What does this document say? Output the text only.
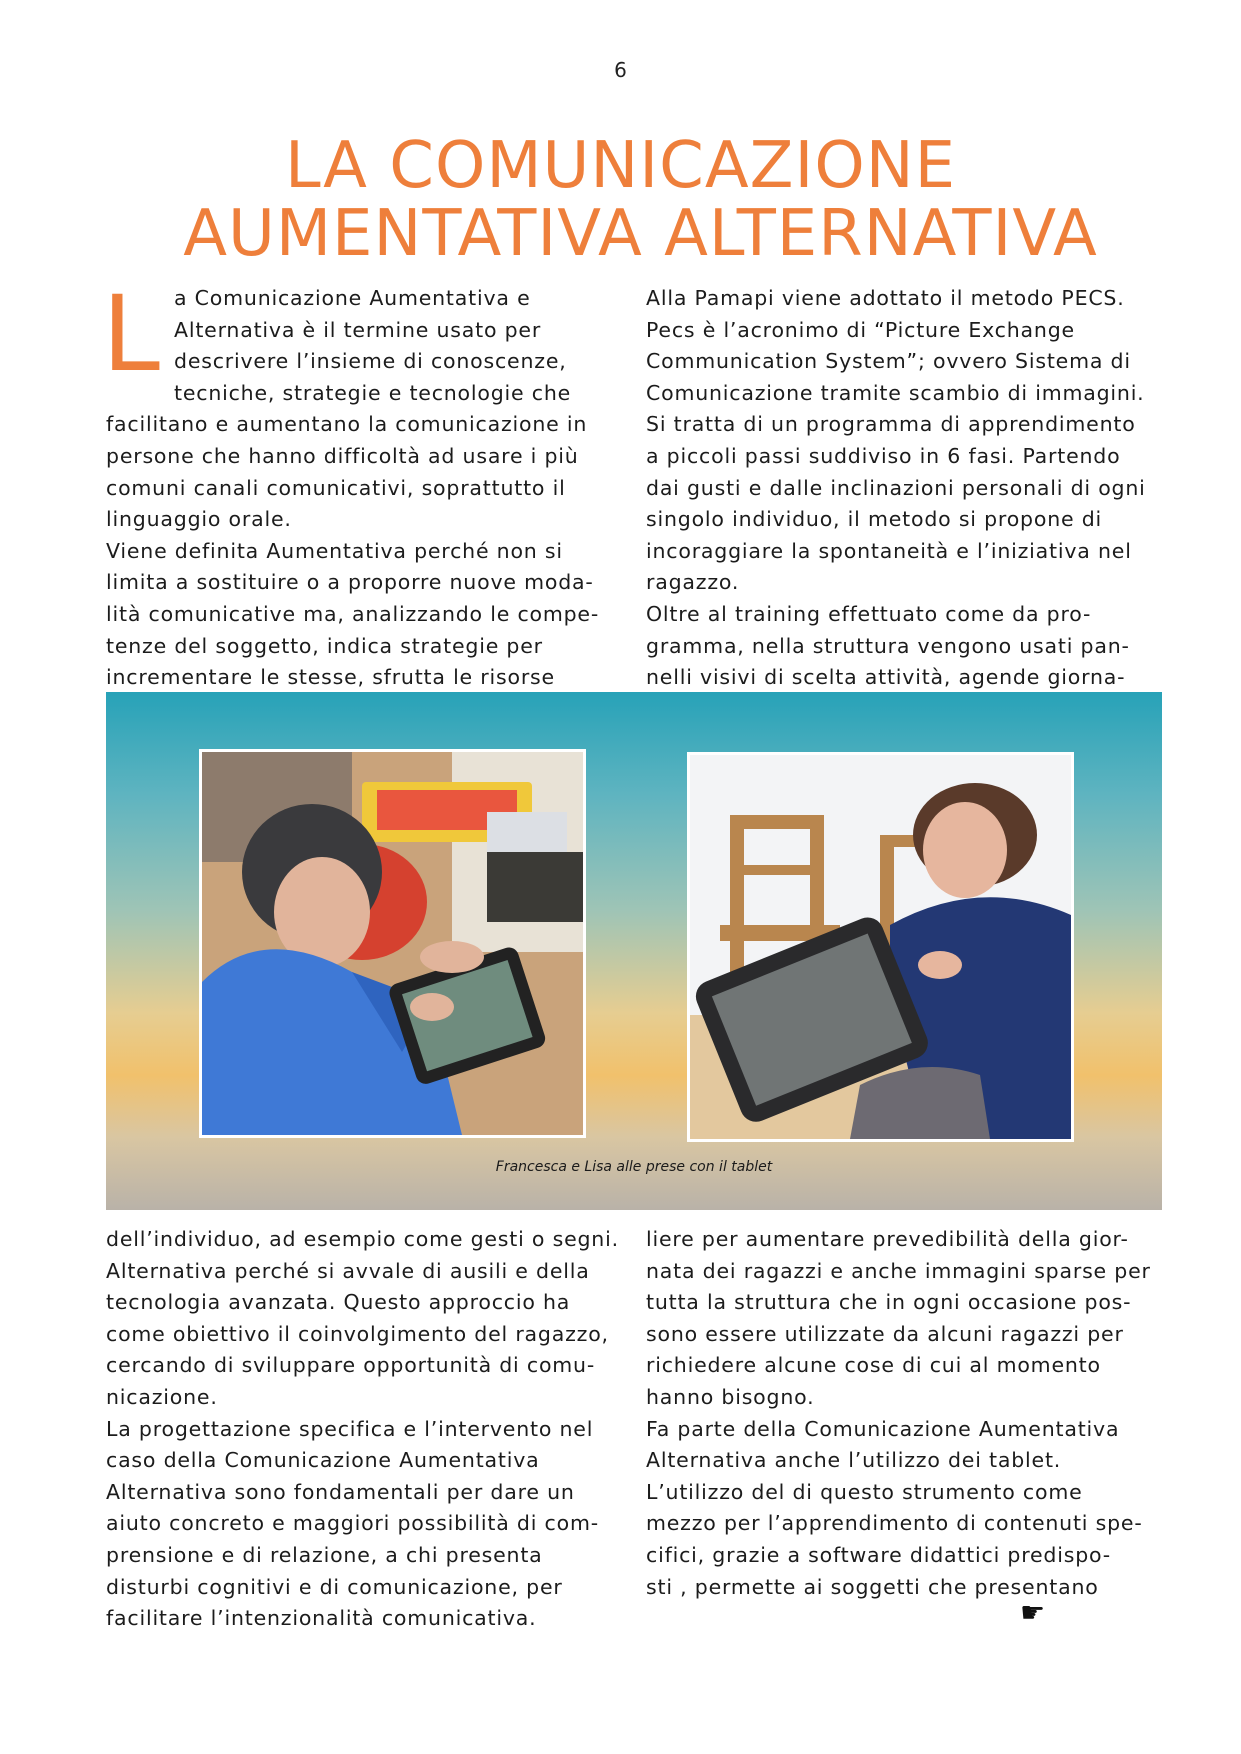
6
LA COMUNICAZIONE
AUMENTATIVA ALTERNATIVA
L a Comunicazione Aumentativa e
Alternativa è il termine usato per
descrivere l’insieme di conoscenze,
tecniche, strategie e tecnologie che
facilitano e aumentano la comunicazione in
persone che hanno difficoltà ad usare i più
comuni canali comunicativi, soprattutto il
linguaggio orale.
Viene definita Aumentativa perché non si
limita a sostituire o a proporre nuove moda-
lità comunicative ma, analizzando le compe-
tenze del soggetto, indica strategie per
incrementare le stesse, sfrutta le risorse
Alla Pamapi viene adottato il metodo PECS.
Pecs è l’acronimo di “Picture Exchange
Communication System”; ovvero Sistema di
Comunicazione tramite scambio di immagini.
Si tratta di un programma di apprendimento
a piccoli passi suddiviso in 6 fasi. Partendo
dai gusti e dalle inclinazioni personali di ogni
singolo individuo, il metodo si propone di
incoraggiare la spontaneità e l’iniziativa nel
ragazzo.
Oltre al training effettuato come da pro-
gramma, nella struttura vengono usati pan-
nelli visivi di scelta attività, agende giorna-
Francesca e Lisa alle prese con il tablet
dell’individuo, ad esempio come gesti o segni.
Alternativa perché si avvale di ausili e della
tecnologia avanzata. Questo approccio ha
come obiettivo il coinvolgimento del ragazzo,
cercando di sviluppare opportunità di comu-
nicazione.
La progettazione specifica e l’intervento nel
caso della Comunicazione Aumentativa
Alternativa sono fondamentali per dare un
aiuto concreto e maggiori possibilità di com-
prensione e di relazione, a chi presenta
disturbi cognitivi e di comunicazione, per
facilitare l’intenzionalità comunicativa.
liere per aumentare prevedibilità della gior-
nata dei ragazzi e anche immagini sparse per
tutta la struttura che in ogni occasione pos-
sono essere utilizzate da alcuni ragazzi per
richiedere alcune cose di cui al momento
hanno bisogno.
Fa parte della Comunicazione Aumentativa
Alternativa anche l’utilizzo dei tablet.
L’utilizzo del di questo strumento come
mezzo per l’apprendimento di contenuti spe-
cifici, grazie a software didattici predispo-
sti , permette ai soggetti che presentano
☛
